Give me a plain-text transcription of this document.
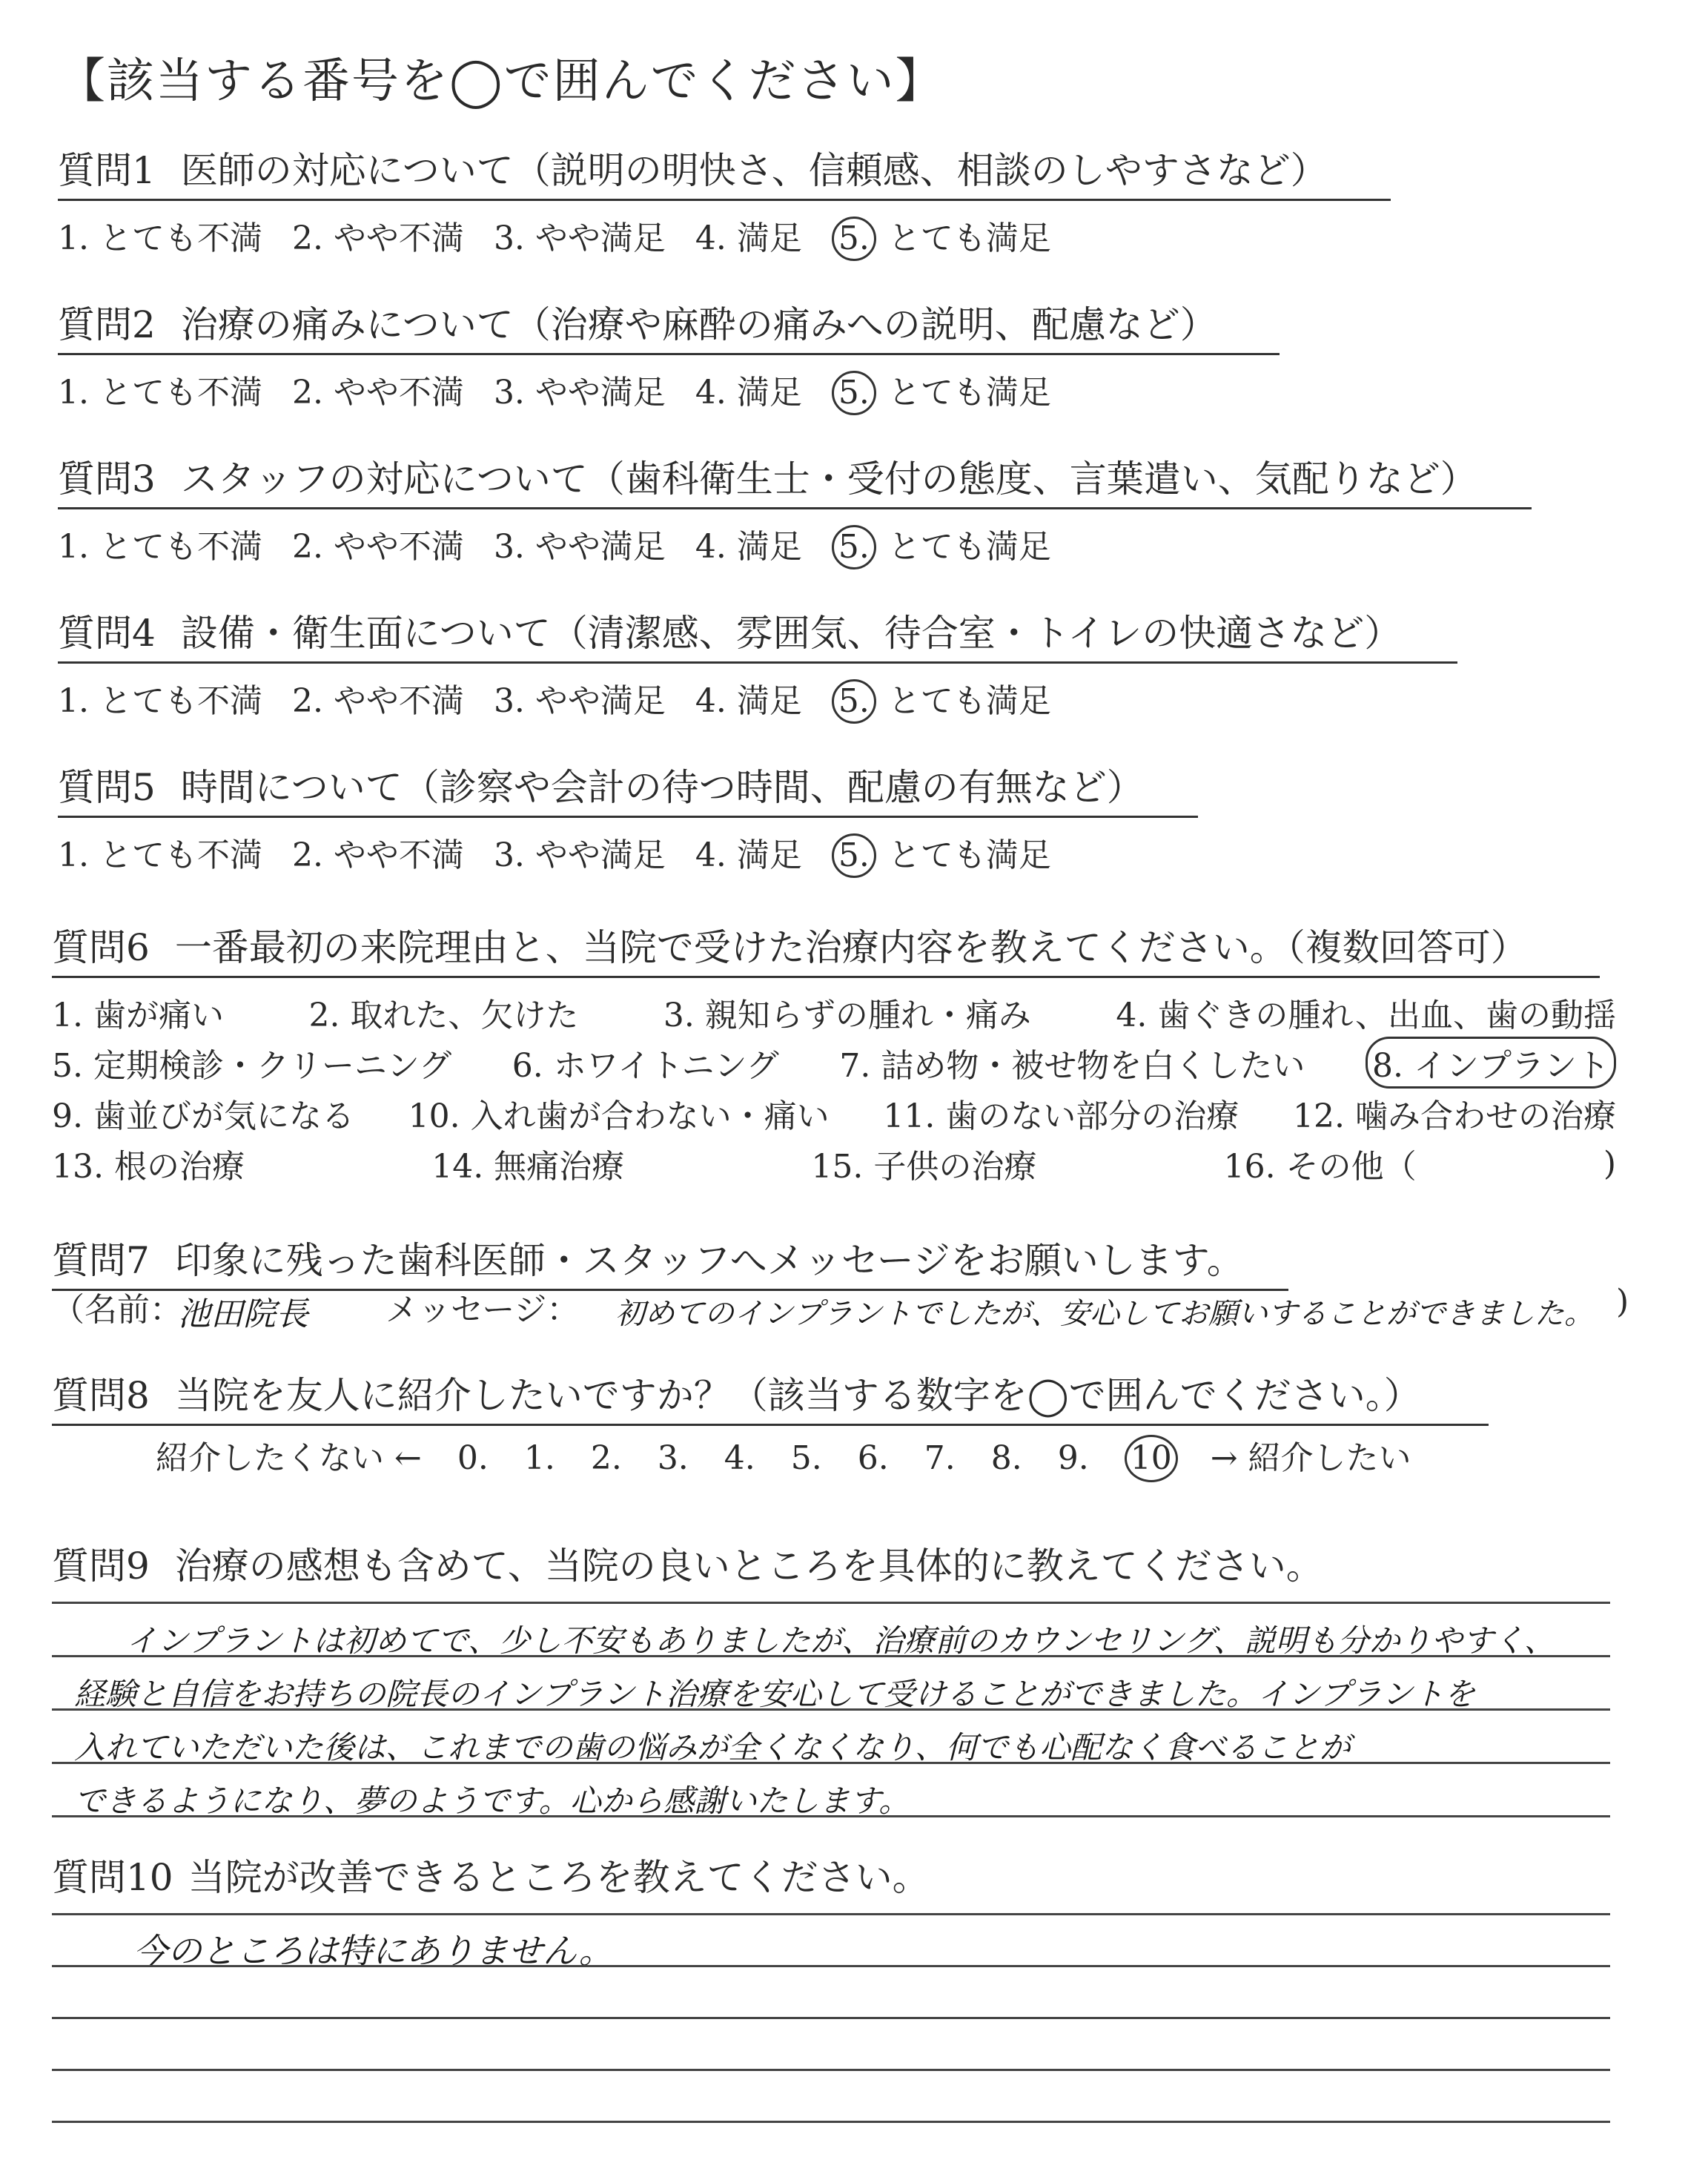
【該当する番号を◯で囲んでください】
質問1 医師の対応について（説明の明快さ、信頼感、相談のしやすさなど）
1. とても不満 2. やや不満 3. やや満足 4. 満足 5. とても満足
質問2 治療の痛みについて（治療や麻酔の痛みへの説明、配慮など）
1. とても不満 2. やや不満 3. やや満足 4. 満足 5. とても満足
質問3 スタッフの対応について（歯科衛生士・受付の態度、言葉遣い、気配りなど）
1. とても不満 2. やや不満 3. やや満足 4. 満足 5. とても満足
質問4 設備・衛生面について（清潔感、雰囲気、待合室・トイレの快適さなど）
1. とても不満 2. やや不満 3. やや満足 4. 満足 5. とても満足
質問5 時間について（診察や会計の待つ時間、配慮の有無など）
1. とても不満 2. やや不満 3. やや満足 4. 満足 5. とても満足
質問6 一番最初の来院理由と、当院で受けた治療内容を教えてください。（複数回答可）
1. 歯が痛い	2. 取れた、欠けた	3. 親知らずの腫れ・痛み	4. 歯ぐきの腫れ、出血、歯の動揺
5. 定期検診・クリーニング 6. ホワイトニング 7. 詰め物・被せ物を白くしたい 8. インプラント
9. 歯並びが気になる 10. 入れ歯が合わない・痛い 11. 歯のない部分の治療 12. 噛み合わせの治療
13. 根の治療	14. 無痛治療	15. 子供の治療	16. その他（	)
質問7 印象に残った歯科医師・スタッフへメッセージをお願いします。
（名前：
池田院長 メッセージ： 初めてのインプラントでしたが、安心してお願いすることができました。 )
質問8 当院を友人に紹介したいですか？（該当する数字を◯で囲んでください。）
紹介したくない ← 0. 1. 2. 3. 4. 5. 6. 7. 8. 9. 10 → 紹介したい
質問9 治療の感想も含めて、当院の良いところを具体的に教えてください。
インプラントは初めてで、少し不安もありましたが、治療前のカウンセリング、説明も分かりやすく、
経験と自信をお持ちの院長のインプラント治療を安心して受けることができました。インプラントを
入れていただいた後は、これまでの歯の悩みが全くなくなり、何でも心配なく食べることが
できるようになり、夢のようです。心から感謝いたします。
質問10 当院が改善できるところを教えてください。
今のところは特にありません。
